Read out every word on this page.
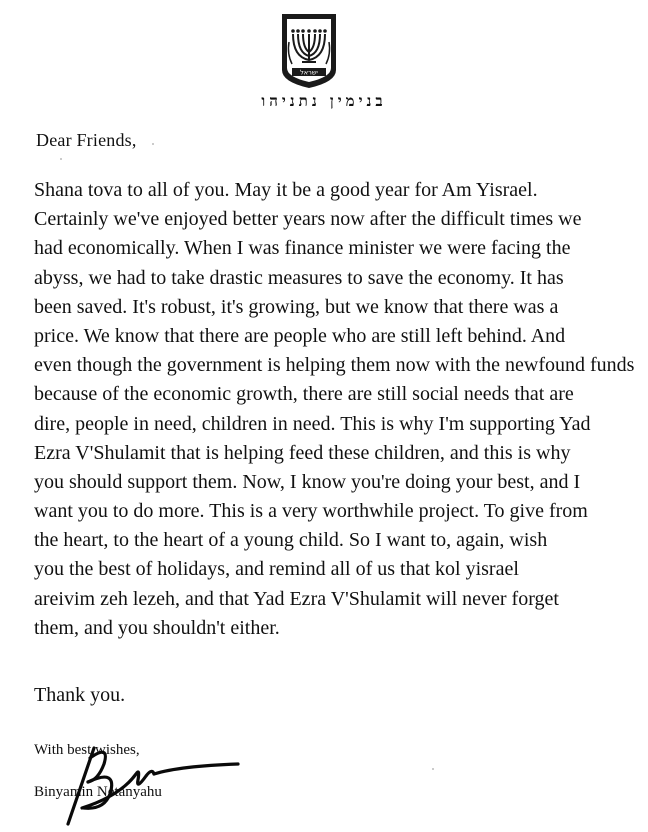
ישראל
בנימין נתניהו
Dear Friends,
Shana tova to all of you. May it be a good year for Am Yisrael.
Certainly we've enjoyed better years now after the difficult times we
had economically. When I was finance minister we were facing the
abyss, we had to take drastic measures to save the economy. It has
been saved. It's robust, it's growing, but we know that there was a
price. We know that there are people who are still left behind. And
even though the government is helping them now with the newfound funds
because of the economic growth, there are still social needs that are
dire, people in need, children in need. This is why I'm supporting Yad
Ezra V'Shulamit that is helping feed these children, and this is why
you should support them. Now, I know you're doing your best, and I
want you to do more. This is a very worthwhile project. To give from
the heart, to the heart of a young child. So I want to, again, wish
you the best of holidays, and remind all of us that kol yisrael
areivim zeh lezeh, and that Yad Ezra V'Shulamit will never forget
them, and you shouldn't either.
Thank you.
With best wishes,
Binyamin Netanyahu
